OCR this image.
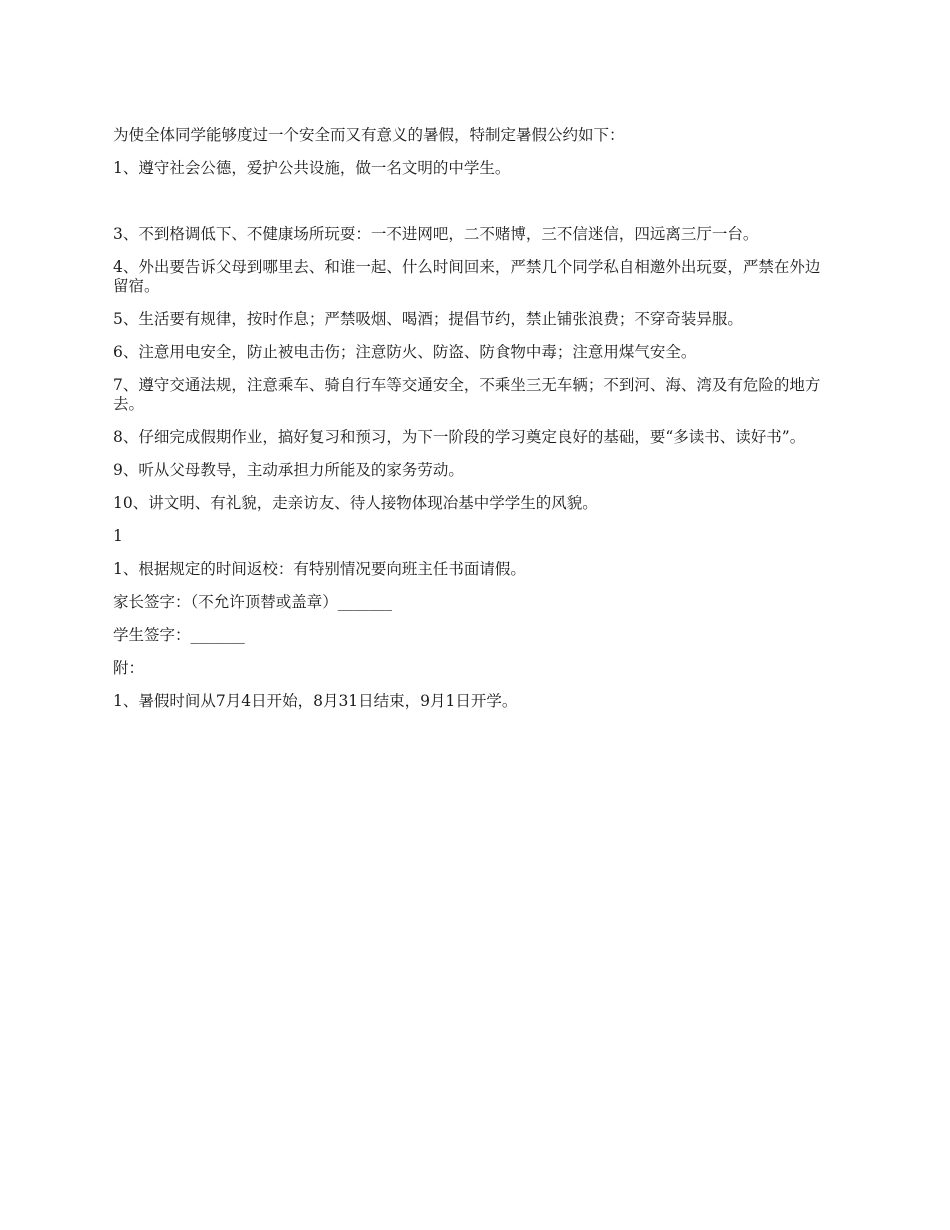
为使全体同学能够度过一个安全而又有意义的暑假，特制定暑假公约如下：

1、遵守社会公德，爱护公共设施，做一名文明的中学生。

3、不到格调低下、不健康场所玩耍：一不进网吧，二不赌博，三不信迷信，四远离三厅一台。

4、外出要告诉父母到哪里去、和谁一起、什么时间回来，严禁几个同学私自相邀外出玩耍，严禁在外边留宿。

5、生活要有规律，按时作息；严禁吸烟、喝酒；提倡节约，禁止铺张浪费；不穿奇装异服。

6、注意用电安全，防止被电击伤；注意防火、防盗、防食物中毒；注意用煤气安全。

7、遵守交通法规，注意乘车、骑自行车等交通安全，不乘坐三无车辆；不到河、海、湾及有危险的地方去。

8、仔细完成假期作业，搞好复习和预习，为下一阶段的学习奠定良好的基础，要“多读书、读好书”。

9、听从父母教导，主动承担力所能及的家务劳动。

10、讲文明、有礼貌，走亲访友、待人接物体现冶基中学学生的风貌。

1

1、根据规定的时间返校：有特别情况要向班主任书面请假。

家长签字：（不允许顶替或盖章）_______

学生签字：_______

附：

1、暑假时间从7月4日开始，8月31日结束，9月1日开学。
